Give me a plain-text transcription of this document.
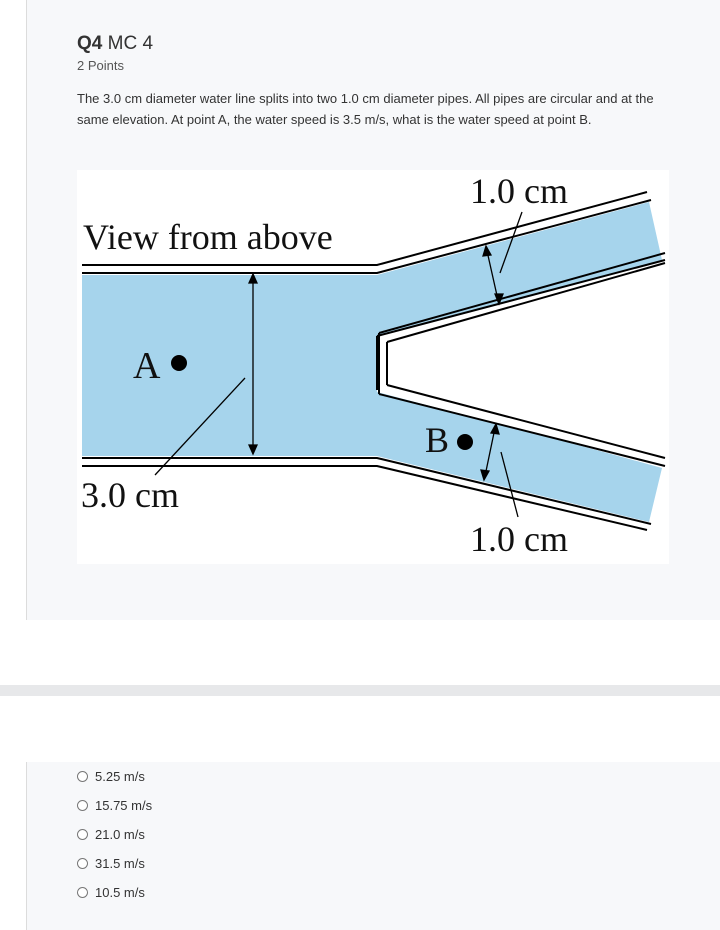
Q4 MC 4
2 Points
The 3.0 cm diameter water line splits into two 1.0 cm diameter pipes. All pipes are circular and at the same elevation. At point A, the water speed is 3.5 m/s, what is the water speed at point B.
View from above
A
B
3.0 cm
1.0 cm
1.0 cm
5.25 m/s
15.75 m/s
21.0 m/s
31.5 m/s
10.5 m/s
